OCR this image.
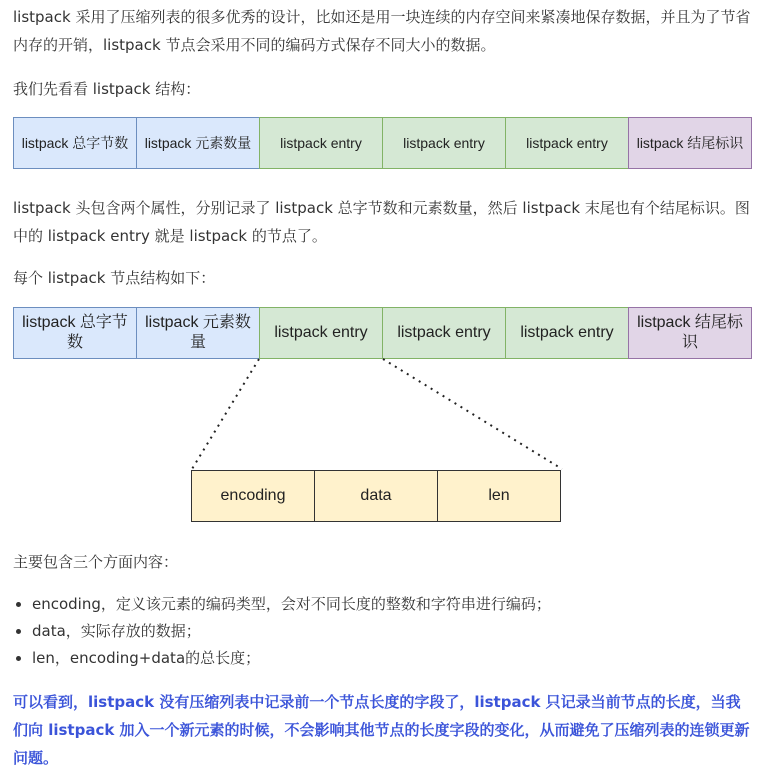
listpack 采用了压缩列表的很多优秀的设计，比如还是用一块连续的内存空间来紧凑地保存数据，并且为了节省内存的开销，listpack 节点会采用不同的编码方式保存不同大小的数据。

我们先看看 listpack 结构：

listpack 总字节数	listpack 元素数量	listpack entry	listpack entry	listpack entry	listpack 结尾标识

listpack 头包含两个属性，分别记录了 listpack 总字节数和元素数量，然后 listpack 末尾也有个结尾标识。图中的 listpack entry 就是 listpack 的节点了。

每个 listpack 节点结构如下：

listpack 总字节数
listpack 元素数量
listpack entry	listpack entry	listpack entry
listpack 结尾标识
encoding	data	len

主要包含三个方面内容：

encoding，定义该元素的编码类型，会对不同长度的整数和字符串进行编码；
data，实际存放的数据；
len，encoding+data的总长度；

可以看到，listpack 没有压缩列表中记录前一个节点长度的字段了，listpack 只记录当前节点的长度，当我们向 listpack 加入一个新元素的时候，不会影响其他节点的长度字段的变化，从而避免了压缩列表的连锁更新问题。
